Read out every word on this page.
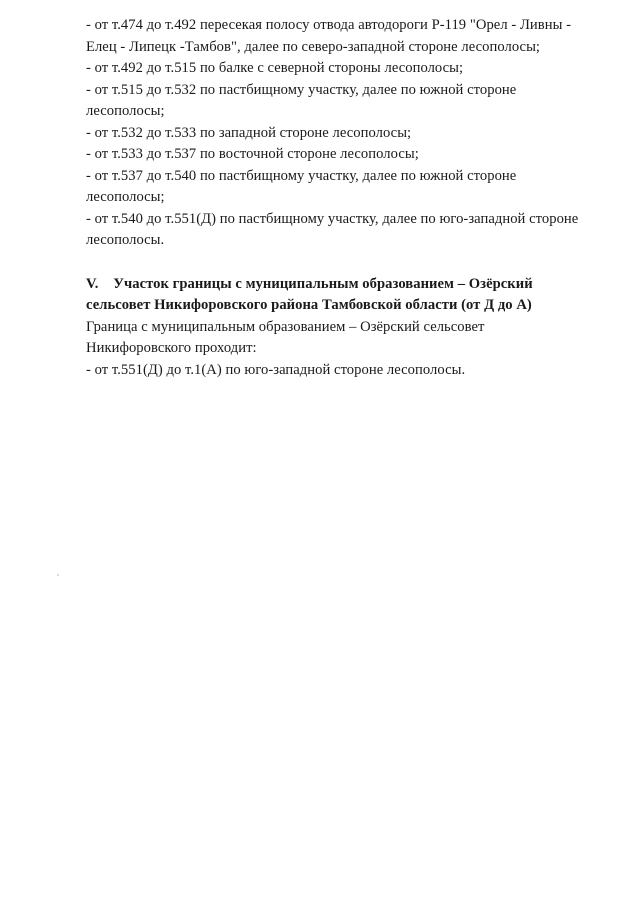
- от т.474 до т.492 пересекая полосу отвода автодороги Р-119 "Орел - Ливны -
Елец - Липецк -Тамбов", далее по северо-западной стороне лесополосы;
- от т.492 до т.515 по балке с северной стороны лесополосы;
- от т.515 до т.532 по пастбищному участку, далее по южной стороне
лесополосы;
- от т.532 до т.533 по западной стороне лесополосы;
- от т.533 до т.537 по восточной стороне лесополосы;
- от т.537 до т.540 по пастбищному участку, далее по южной стороне
лесополосы;
- от т.540 до т.551(Д) по пастбищному участку, далее по юго-западной стороне
лесополосы.
V.    Участок границы с муниципальным образованием – Озёрский
сельсовет Никифоровского района Тамбовской области (от Д до А)
Граница с муниципальным образованием – Озёрский сельсовет
Никифоровского проходит:
- от т.551(Д) до т.1(А) по юго-западной стороне лесополосы.
